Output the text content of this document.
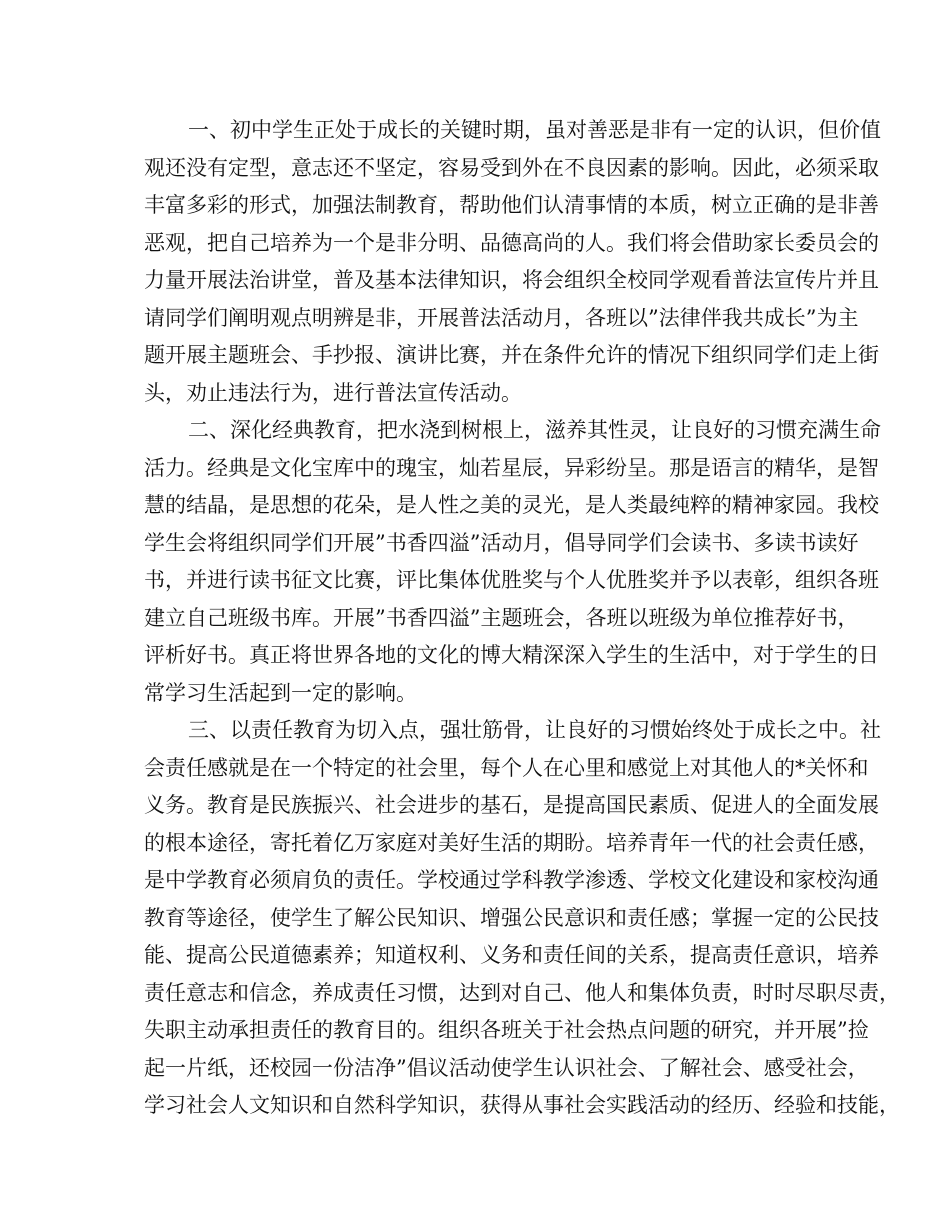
一、初中学生正处于成长的关键时期，虽对善恶是非有一定的认识，但价值
观还没有定型，意志还不坚定，容易受到外在不良因素的影响。因此，必须采取
丰富多彩的形式，加强法制教育，帮助他们认清事情的本质，树立正确的是非善
恶观，把自己培养为一个是非分明、品德高尚的人。我们将会借助家长委员会的
力量开展法治讲堂，普及基本法律知识，将会组织全校同学观看普法宣传片并且
请同学们阐明观点明辨是非，开展普法活动月，各班以”法律伴我共成长”为主
题开展主题班会、手抄报、演讲比赛，并在条件允许的情况下组织同学们走上街
头，劝止违法行为，进行普法宣传活动。
二、深化经典教育，把水浇到树根上，滋养其性灵，让良好的习惯充满生命
活力。经典是文化宝库中的瑰宝，灿若星辰，异彩纷呈。那是语言的精华，是智
慧的结晶，是思想的花朵，是人性之美的灵光，是人类最纯粹的精神家园。我校
学生会将组织同学们开展”书香四溢”活动月，倡导同学们会读书、多读书读好
书，并进行读书征文比赛，评比集体优胜奖与个人优胜奖并予以表彰，组织各班
建立自己班级书库。开展”书香四溢”主题班会，各班以班级为单位推荐好书，
评析好书。真正将世界各地的文化的博大精深深入学生的生活中，对于学生的日
常学习生活起到一定的影响。
三、以责任教育为切入点，强壮筋骨，让良好的习惯始终处于成长之中。社
会责任感就是在一个特定的社会里，每个人在心里和感觉上对其他人的*关怀和
义务。教育是民族振兴、社会进步的基石，是提高国民素质、促进人的全面发展
的根本途径，寄托着亿万家庭对美好生活的期盼。培养青年一代的社会责任感，
是中学教育必须肩负的责任。学校通过学科教学渗透、学校文化建设和家校沟通
教育等途径，使学生了解公民知识、增强公民意识和责任感；掌握一定的公民技
能、提高公民道德素养；知道权利、义务和责任间的关系，提高责任意识，培养
责任意志和信念，养成责任习惯，达到对自己、他人和集体负责，时时尽职尽责，
失职主动承担责任的教育目的。组织各班关于社会热点问题的研究，并开展”捡
起一片纸，还校园一份洁净”倡议活动使学生认识社会、了解社会、感受社会，
学习社会人文知识和自然科学知识，获得从事社会实践活动的经历、经验和技能，
